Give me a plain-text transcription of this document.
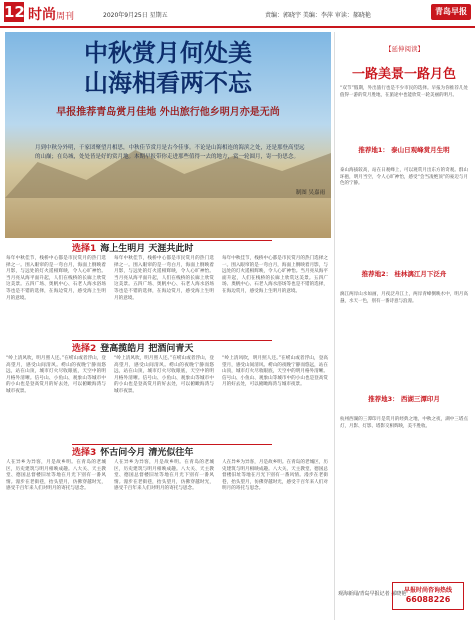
12 时尚周刊	2020年9月25日 星期五	责编：郭晓宇 美编：李萍 审读：郝晓艳	青岛早报
中秋赏月何处美
山海相看两不忘
早报推荐青岛赏月佳地 外出旅行他乡明月亦是无尚
月到中秋分外明，千家团聚望月相思，中秋佳节赏月是古今佳事。不论是山海相连的海滨之处，还是那登高望远的山巅；在岛城，处处皆是好的赏月地。本期早报带你走进那些值得一去的地方，赏一轮圆月，寄一份思念。
制图 吴嘉雨
选择1 海上生明月 天涯共此时
每年中秋佳节，栈桥中心都是市民赏月的热门选择之一。围入眼帘的是一弯白月，海面上倒映着月影，与远处的灯火遥相辉映，令人心旷神怡。当月亮从海平面升起，人们在栈桥的长廊上欣赏这美景。五四广场、奥帆中心、石老人海水浴场等也是不错的选择，在海边赏月，感受海上生明月的意境。
每年中秋佳节，栈桥中心都是市民赏月的热门选择之一。围入眼帘的是一弯白月，海面上倒映着月影，与远处的灯火遥相辉映，令人心旷神怡。当月亮从海平面升起，人们在栈桥的长廊上欣赏这美景。五四广场、奥帆中心、石老人海水浴场等也是不错的选择，在海边赏月，感受海上生明月的意境。
每年中秋佳节，栈桥中心都是市民赏月的热门选择之一。围入眼帘的是一弯白月，海面上倒映着月影，与远处的灯火遥相辉映，令人心旷神怡。当月亮从海平面升起，人们在栈桥的长廊上欣赏这美景。五四广场、奥帆中心、石老人海水浴场等也是不错的选择，在海边赏月，感受海上生明月的意境。
选择2 登高揽皓月 把酒问青天
“岭上清风吹，明月照人还。”在崂山或者浮山，登高望月，感受山间清风。崂山的夜晚宁静而悠远，站在山顶，城市灯火尽收眼底，天空中的明月格外清晰。信号山、小鱼山、观象山等城市中的小山也是登高赏月的好去处，可以俯瞰海湾与城市夜景。
“岭上清风吹，明月照人还。”在崂山或者浮山，登高望月，感受山间清风。崂山的夜晚宁静而悠远，站在山顶，城市灯火尽收眼底，天空中的明月格外清晰。信号山、小鱼山、观象山等城市中的小山也是登高赏月的好去处，可以俯瞰海湾与城市夜景。
“岭上清风吹，明月照人还。”在崂山或者浮山，登高望月，感受山间清风。崂山的夜晚宁静而悠远，站在山顶，城市灯火尽收眼底，天空中的明月格外清晰。信号山、小鱼山、观象山等城市中的小山也是登高赏月的好去处，可以俯瞰海湾与城市夜景。
选择3 怀古问今月 清光似往年
人在异乡为异客，月是故乡明。在青岛的老城区，历史建筑与明月相映成趣。八大关、天主教堂、德国总督楼旧址等地在月光下别有一番风情。漫步在老街巷，抬头望月，仿佛穿越时光，感受千百年来人们对明月的寄托与思念。
人在异乡为异客，月是故乡明。在青岛的老城区，历史建筑与明月相映成趣。八大关、天主教堂、德国总督楼旧址等地在月光下别有一番风情。漫步在老街巷，抬头望月，仿佛穿越时光，感受千百年来人们对明月的寄托与思念。
人在异乡为异客，月是故乡明。在青岛的老城区，历史建筑与明月相映成趣。八大关、天主教堂、德国总督楼旧址等地在月光下别有一番风情。漫步在老街巷，抬头望月，仿佛穿越时光，感受千百年来人们对明月的寄托与思念。
【延伸阅读】
一路美景一路月色
“双节”假期，外出旅行也是不少市民的选择。早报为你推荐几处值得一游的赏月胜地，在旅途中也能欣赏一轮美丽的明月。
推荐地1： 泰山日观峰赏月生明
泰山海拔较高，站在日观峰上，可以观赏月出东方的奇观。群山环抱，明月当空，令人心旷神怡，感受“会当凌绝顶”的豪迈与月色的宁静。
推荐地2： 桂林漓江月下泛舟
漓江两岸山水如画，月夜泛舟江上，两岸青峰倒映水中，明月高悬，水天一色，别有一番诗意与浪漫。
推荐地3： 西湖三潭印月
杭州西湖的三潭印月是赏月的经典之地，中秋之夜，湖中三塔点灯，月影、灯影、塔影交相辉映，美不胜收。
观海新闻/青岛早报记者 郝晓艳
早报时尚咨询热线
66088226
